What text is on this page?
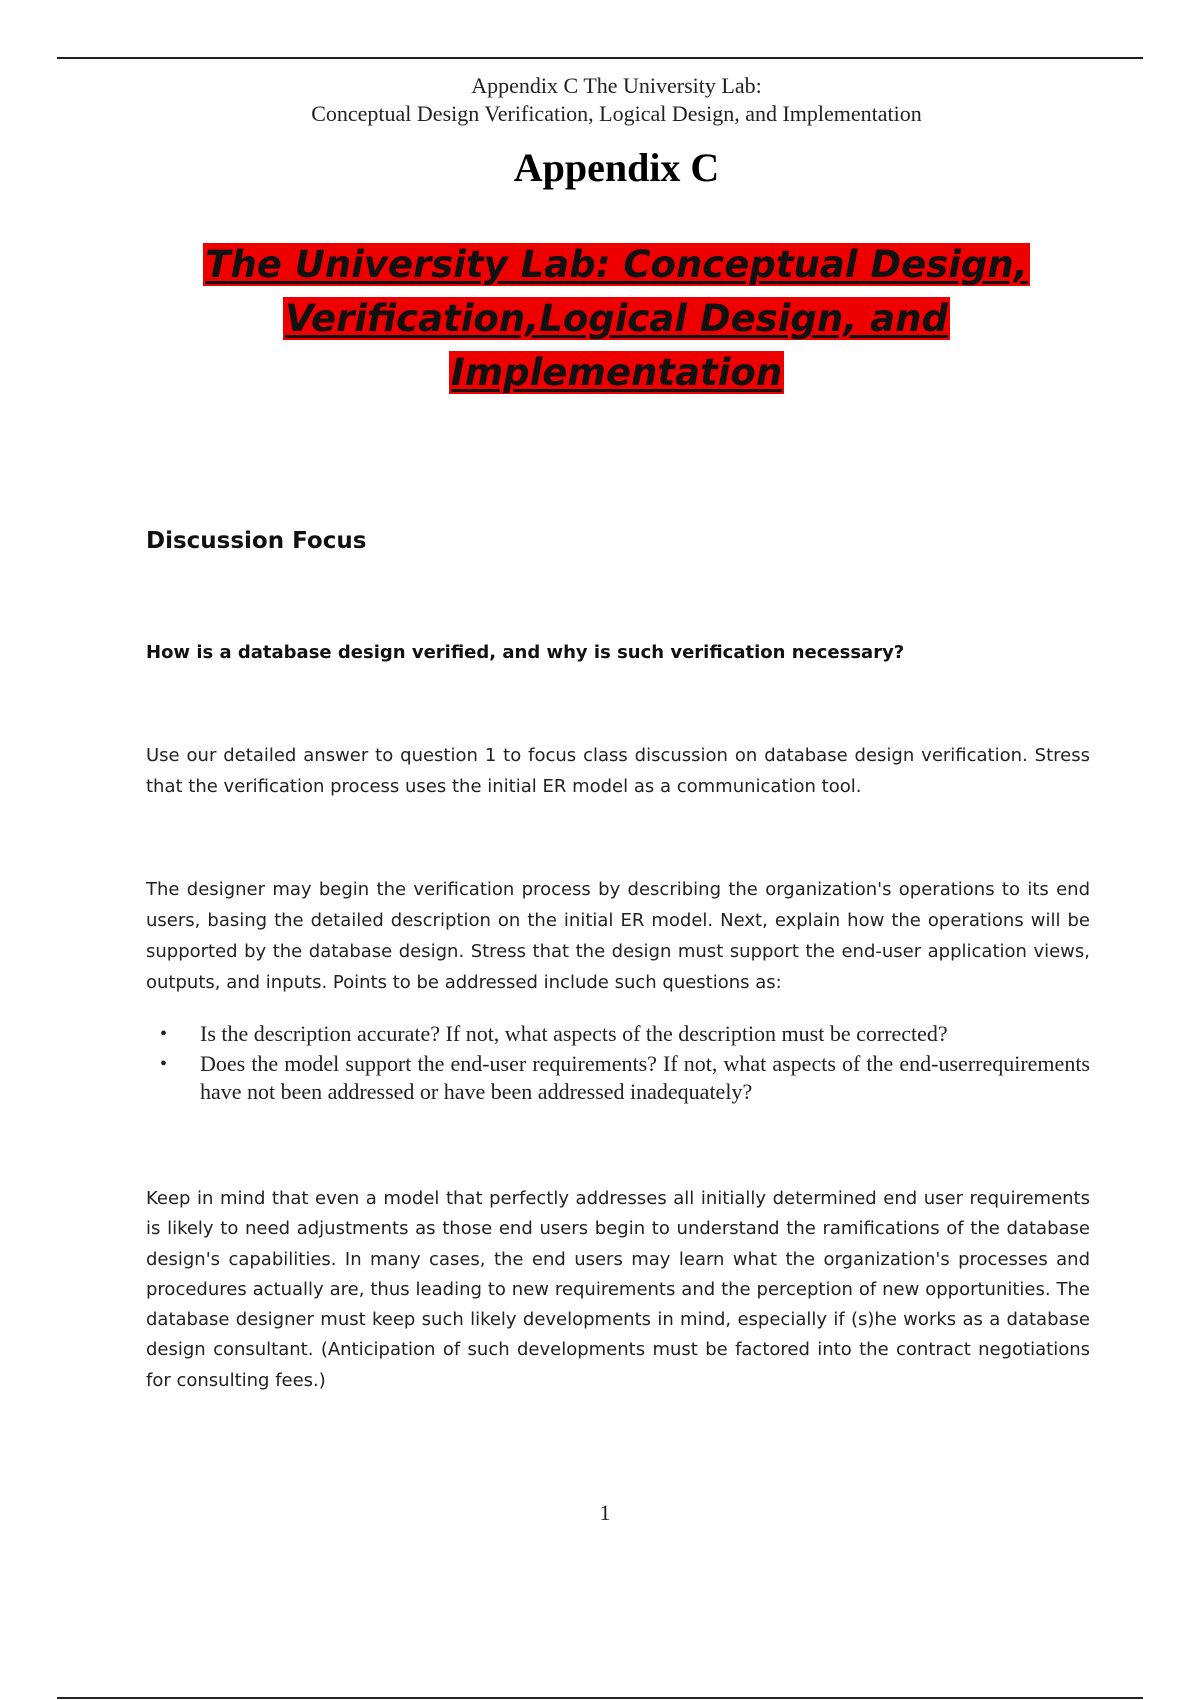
Appendix C The University Lab:
Conceptual Design Verification, Logical Design, and Implementation
Appendix C
The University Lab: Conceptual Design,
Verification,Logical Design, and
Implementation
Discussion Focus
How is a database design verified, and why is such verification necessary?

Use our detailed answer to question 1 to focus class discussion on database design verification. Stress that the verification process uses the initial ER model as a communication tool.

The designer may begin the verification process by describing the organization's operations to its end users, basing the detailed description on the initial ER model. Next, explain how the operations will be supported by the database design. Stress that the design must support the end-user application views, outputs, and inputs. Points to be addressed include such questions as:

• Is the description accurate? If not, what aspects of the description must be corrected?
• Does the model support the end-user requirements? If not, what aspects of the end-userrequirements have not been addressed or have been addressed inadequately?

Keep in mind that even a model that perfectly addresses all initially determined end user requirements is likely to need adjustments as those end users begin to understand the ramifications of the database design's capabilities. In many cases, the end users may learn what the organization's processes and procedures actually are, thus leading to new requirements and the perception of new opportunities. The database designer must keep such likely developments in mind, especially if (s)he works as a database design consultant. (Anticipation of such developments must be factored into the contract negotiations for consulting fees.)

1
